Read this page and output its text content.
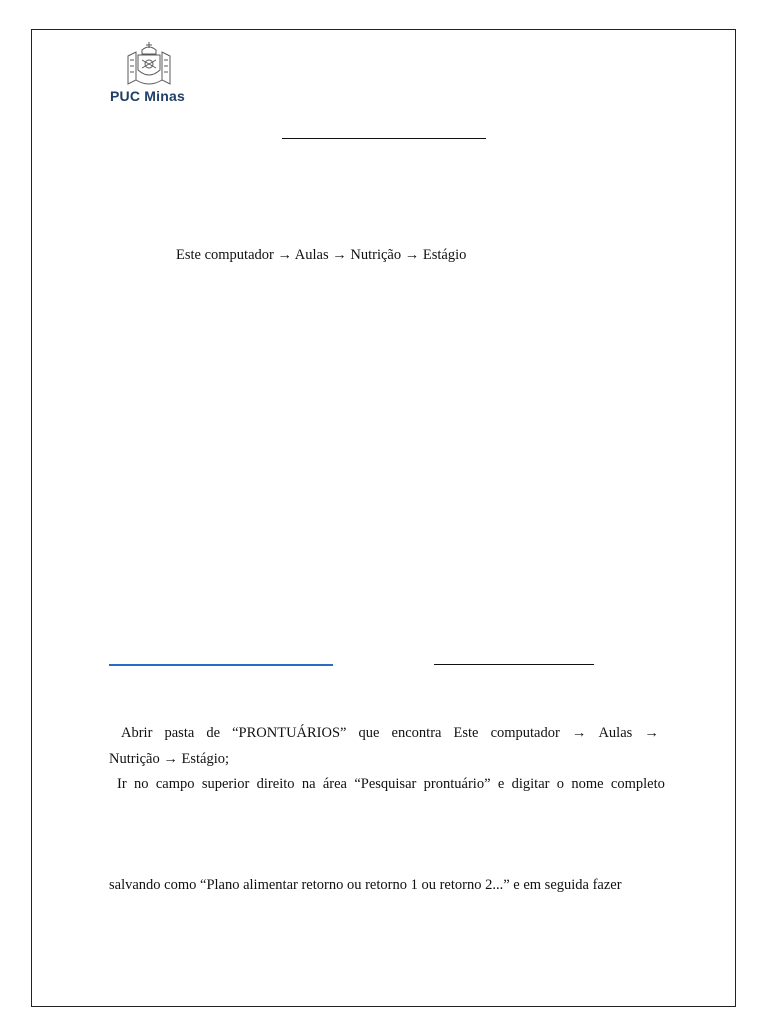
PUC Minas
Este computador → Aulas → Nutrição → Estágio
Abrir pasta de “PRONTUÁRIOS” que encontra Este computador → Aulas →
Nutrição → Estágio;
Ir no campo superior direito na área “Pesquisar prontuário” e digitar o nome completo
salvando como “Plano alimentar retorno ou retorno 1 ou retorno 2...” e em seguida fazer
